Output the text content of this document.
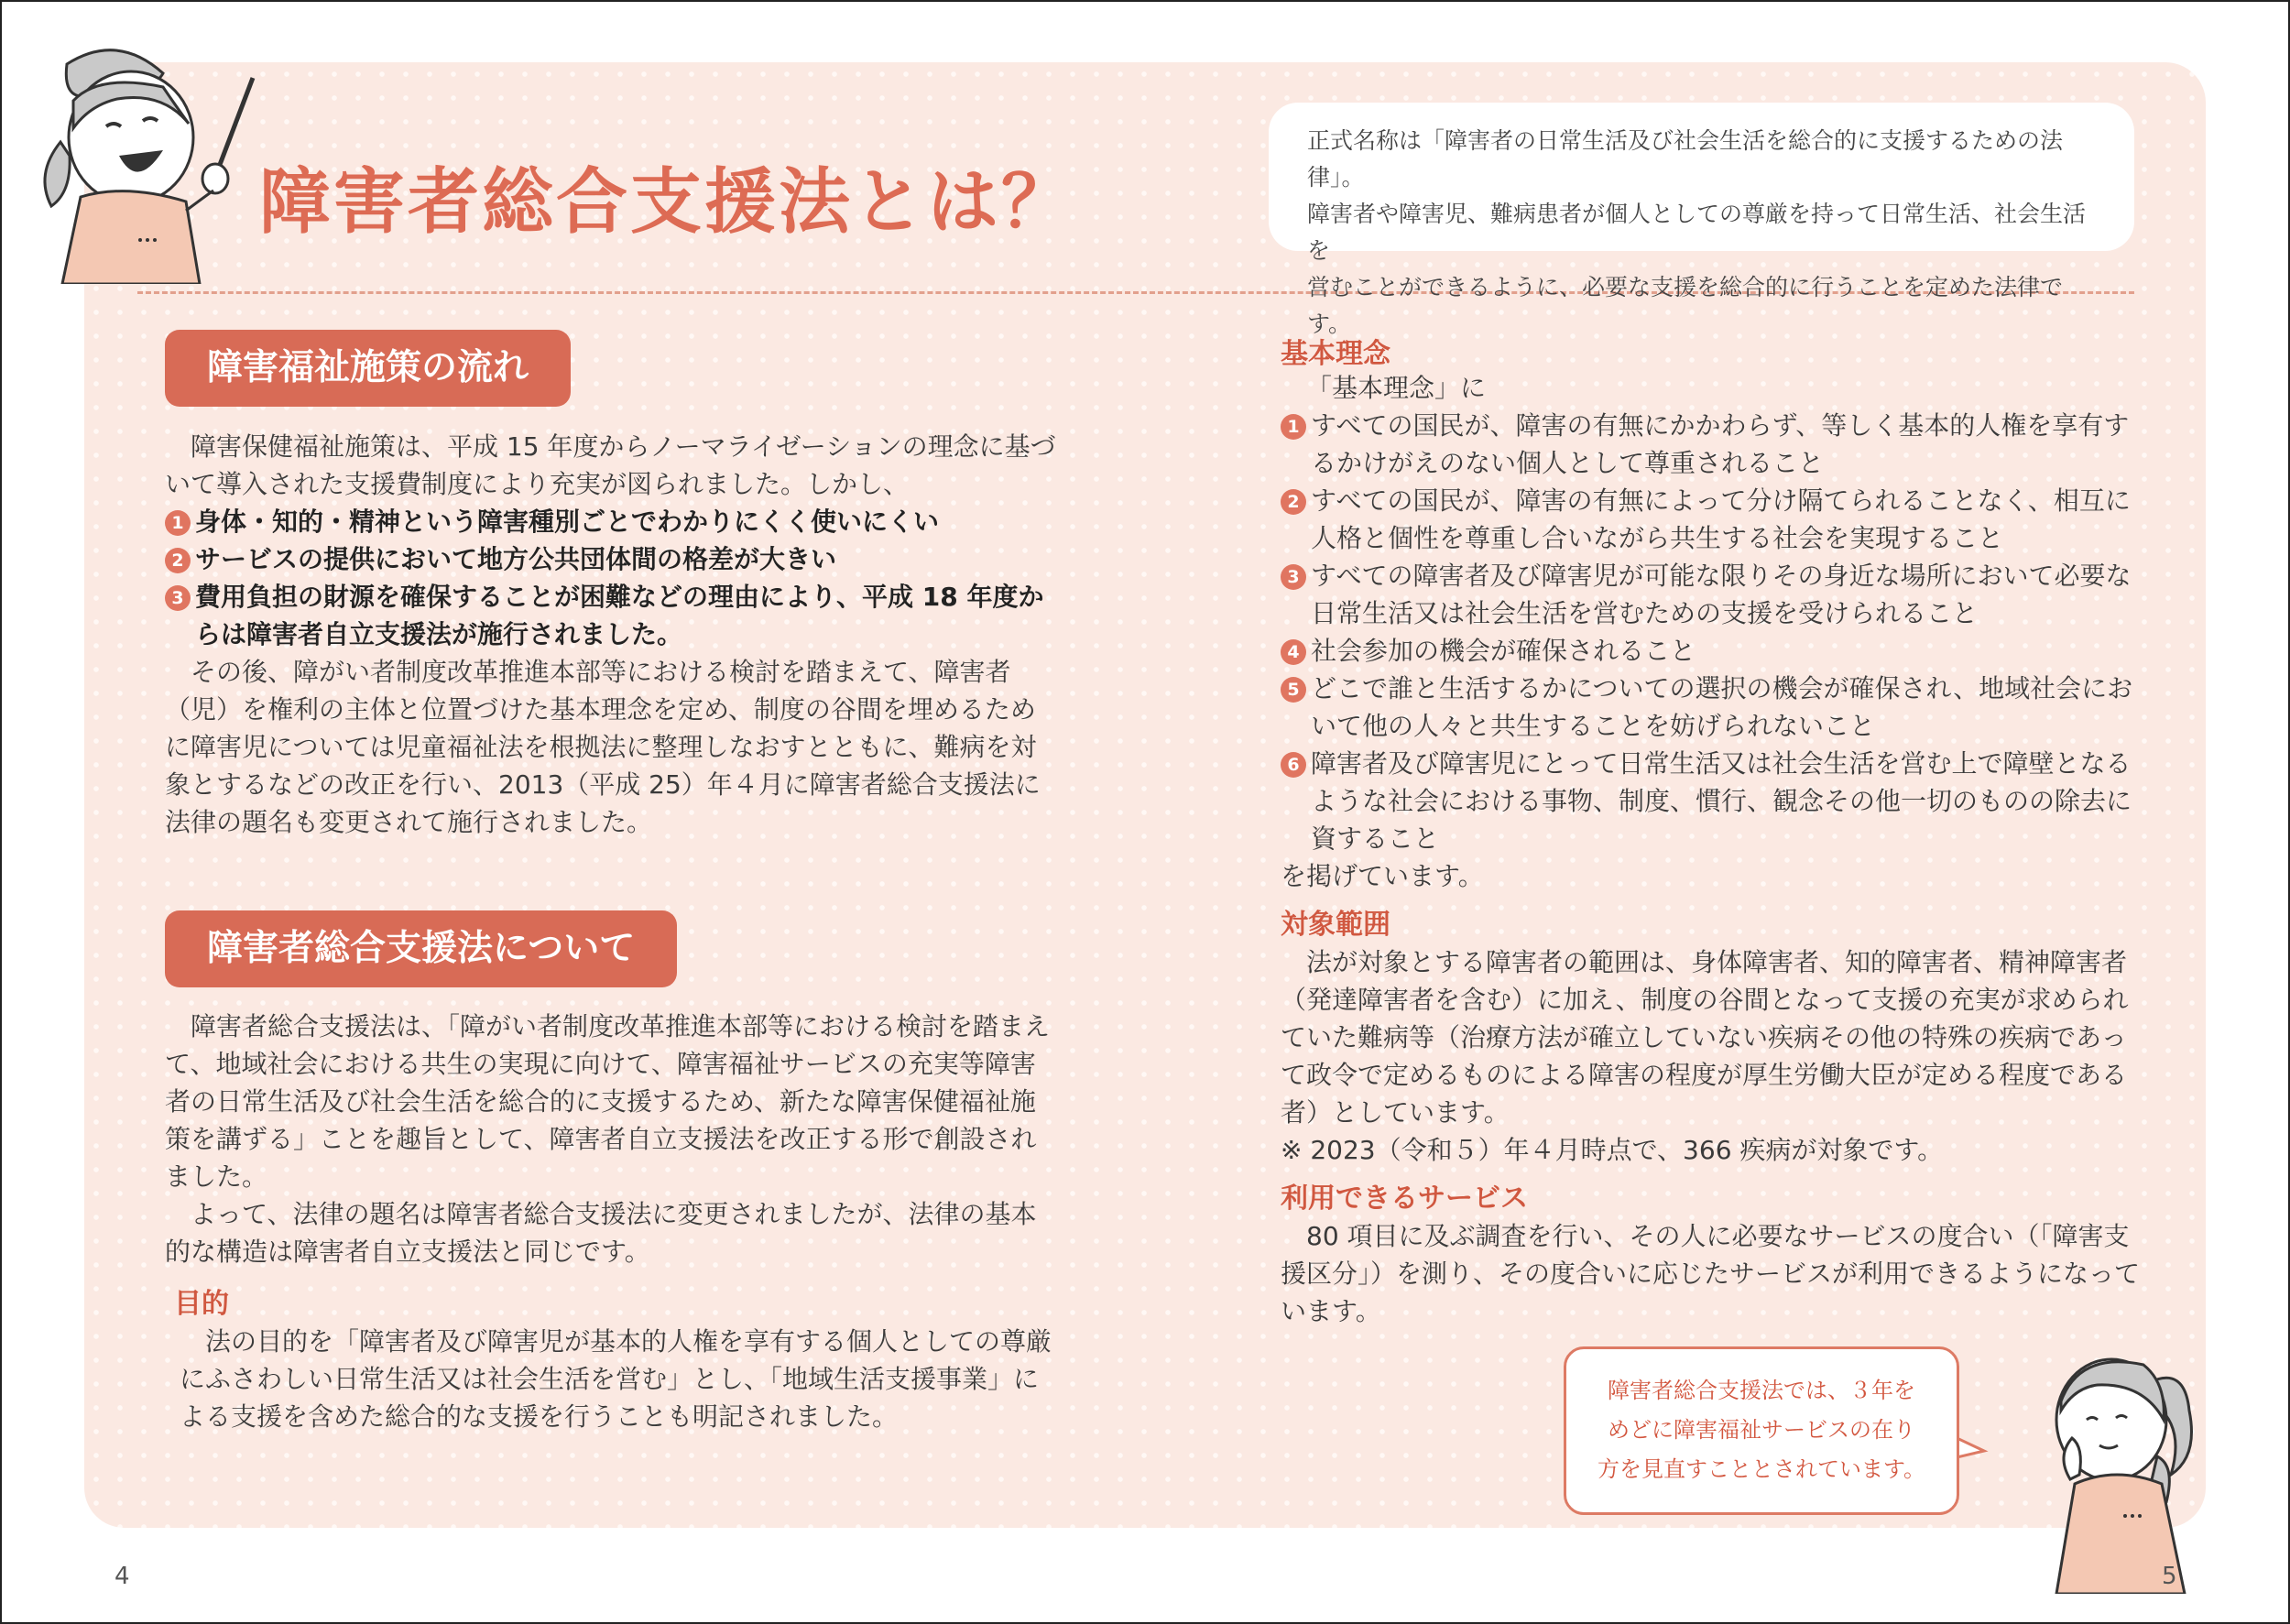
障害者総合支援法とは？
正式名称は「障害者の日常生活及び社会生活を総合的に支援するための法律」。
障害者や障害児、難病患者が個人としての尊厳を持って日常生活、社会生活を
営むことができるように、必要な支援を総合的に行うことを定めた法律です。
障害福祉施策の流れ

障害保健福祉施策は、平成 15 年度からノーマライゼーションの理念に基づいて導入された支援費制度により充実が図られました。しかし、

1 身体・知的・精神という障害種別ごとでわかりにくく使いにくい

2 サービスの提供において地方公共団体間の格差が大きい

3 費用負担の財源を確保することが困難などの理由により、平成 18 年度からは障害者自立支援法が施行されました。

その後、障がい者制度改革推進本部等における検討を踏まえて、障害者（児）を権利の主体と位置づけた基本理念を定め、制度の谷間を埋めるために障害児については児童福祉法を根拠法に整理しなおすとともに、難病を対象とするなどの改正を行い、2013（平成 25）年４月に障害者総合支援法に法律の題名も変更されて施行されました。

障害者総合支援法について

障害者総合支援法は、「障がい者制度改革推進本部等における検討を踏まえて、地域社会における共生の実現に向けて、障害福祉サービスの充実等障害者の日常生活及び社会生活を総合的に支援するため、新たな障害保健福祉施策を講ずる」ことを趣旨として、障害者自立支援法を改正する形で創設されました。

よって、法律の題名は障害者総合支援法に変更されましたが、法律の基本的な構造は障害者自立支援法と同じです。

目的

法の目的を「障害者及び障害児が基本的人権を享有する個人としての尊厳にふさわしい日常生活又は社会生活を営む」とし、「地域生活支援事業」による支援を含めた総合的な支援を行うことも明記されました。

基本理念

「基本理念」に

1 すべての国民が、障害の有無にかかわらず、等しく基本的人権を享有するかけがえのない個人として尊重されること

2 すべての国民が、障害の有無によって分け隔てられることなく、相互に人格と個性を尊重し合いながら共生する社会を実現すること

3 すべての障害者及び障害児が可能な限りその身近な場所において必要な日常生活又は社会生活を営むための支援を受けられること

4 社会参加の機会が確保されること

5 どこで誰と生活するかについての選択の機会が確保され、地域社会において他の人々と共生することを妨げられないこと

6 障害者及び障害児にとって日常生活又は社会生活を営む上で障壁となるような社会における事物、制度、慣行、観念その他一切のものの除去に資すること

を掲げています。

対象範囲

法が対象とする障害者の範囲は、身体障害者、知的障害者、精神障害者（発達障害者を含む）に加え、制度の谷間となって支援の充実が求められていた難病等（治療方法が確立していない疾病その他の特殊の疾病であって政令で定めるものによる障害の程度が厚生労働大臣が定める程度である者）としています。

※ 2023（令和５）年４月時点で、366 疾病が対象です。

利用できるサービス

80 項目に及ぶ調査を行い、その人に必要なサービスの度合い（「障害支援区分」）を測り、その度合いに応じたサービスが利用できるようになっています。

障害者総合支援法では、３年を
めどに障害福祉サービスの在り
方を見直すこととされています。
4	5
